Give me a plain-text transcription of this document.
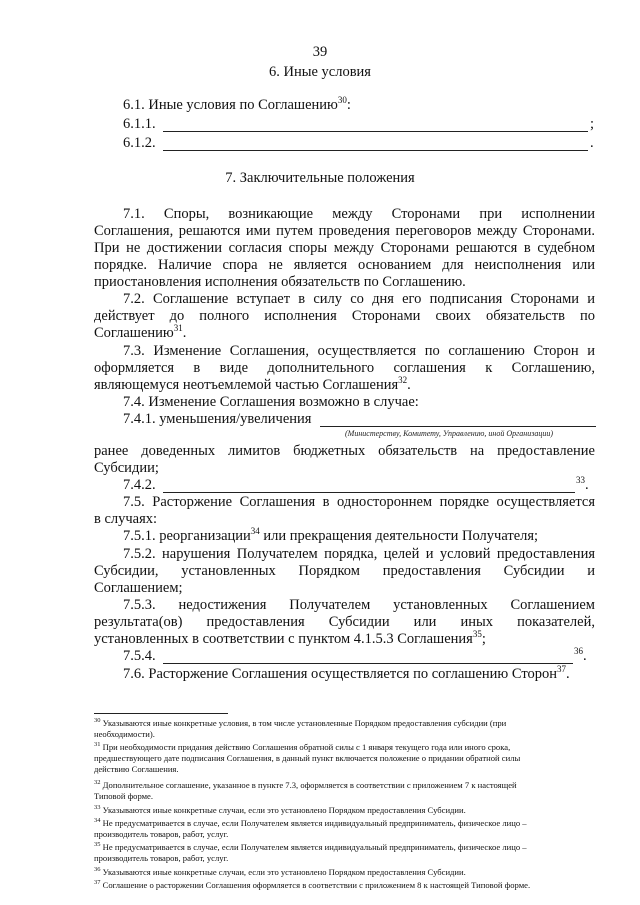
39
6. Иные условия
6.1. Иные условия по Соглашению$^{30}$:
6.1.1.	;
6.1.2.	.
7. Заключительные положения
7.1. Споры, возникающие между Сторонами при исполнении
Соглашения, решаются ими путем проведения переговоров между Сторонами.
При не достижении согласия споры между Сторонами решаются в судебном
порядке. Наличие спора не является основанием для неисполнения или
приостановления исполнения обязательств по Соглашению.
7.2. Соглашение вступает в силу со дня его подписания Сторонами и
действует до полного исполнения Сторонами своих обязательств по
Соглашению$^{31}$.
7.3. Изменение Соглашения, осуществляется по соглашению Сторон и
оформляется в виде дополнительного соглашения к Соглашению,
являющемуся неотъемлемой частью Соглашения$^{32}$.
7.4. Изменение Соглашения возможно в случае:
7.4.1. уменьшения/увеличения
(Министерству, Комитету, Управлению, иной Организации)
ранее доведенных лимитов бюджетных обязательств на предоставление
Субсидии;
7.4.2.	$^{33}$.
7.5. Расторжение Соглашения в одностороннем порядке осуществляется
в случаях:
7.5.1. реорганизации$^{34}$ или прекращения деятельности Получателя;
7.5.2. нарушения Получателем порядка, целей и условий предоставления
Субсидии, установленных Порядком предоставления Субсидии и
Соглашением;
7.5.3. недостижения Получателем установленных Соглашением
результата(ов) предоставления Субсидии или иных показателей,
установленных в соответствии с пунктом 4.1.5.3 Соглашения$^{35}$;
7.5.4.	$^{36}$.
7.6. Расторжение Соглашения осуществляется по соглашению Сторон$^{37}$.
$^{30}$ Указываются иные конкретные условия, в том числе установленные Порядком предоставления субсидии (при
необходимости).
$^{31}$ При необходимости придания действию Соглашения обратной силы с 1 января текущего года или иного срока,
предшествующего дате подписания Соглашения, в данный пункт включается положение о придании обратной силы
действию Соглашения.
$^{32}$ Дополнительное соглашение, указанное в пункте 7.3, оформляется в соответствии с приложением 7 к настоящей
Типовой форме.
$^{33}$ Указываются иные конкретные случаи, если это установлено Порядком предоставления Субсидии.
$^{34}$ Не предусматривается в случае, если Получателем является индивидуальный предприниматель, физическое лицо –
производитель товаров, работ, услуг.
$^{35}$ Не предусматривается в случае, если Получателем является индивидуальный предприниматель, физическое лицо –
производитель товаров, работ, услуг.
$^{36}$ Указываются иные конкретные случаи, если это установлено Порядком предоставления Субсидии.
$^{37}$ Соглашение о расторжении Соглашения оформляется в соответствии с приложением 8 к настоящей Типовой форме.
